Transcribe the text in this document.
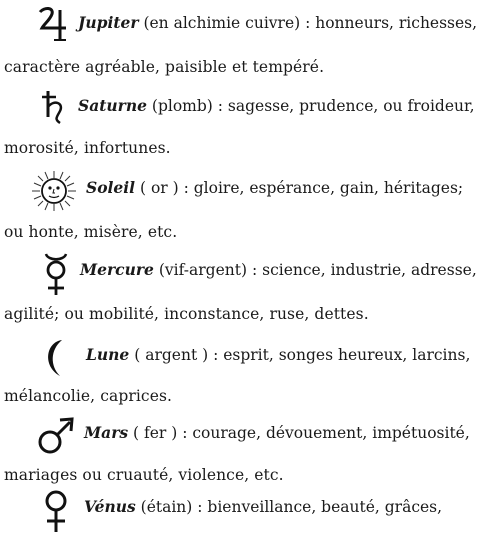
Jupiter (en alchimie cuivre) : honneurs, richesses,
caractère agréable, paisible et tempéré.
Saturne (plomb) : sagesse, prudence, ou froideur,
morosité, infortunes.
Soleil ( or ) : gloire, espérance, gain, héritages;
ou honte, misère, etc.
Mercure (vif-argent) : science, industrie, adresse,
agilité; ou mobilité, inconstance, ruse, dettes.
Lune ( argent ) : esprit, songes heureux, larcins,
mélancolie, caprices.
Mars ( fer ) : courage, dévouement, impétuosité,
mariages ou cruauté, violence, etc.
Vénus (étain) : bienveillance, beauté, grâces,
